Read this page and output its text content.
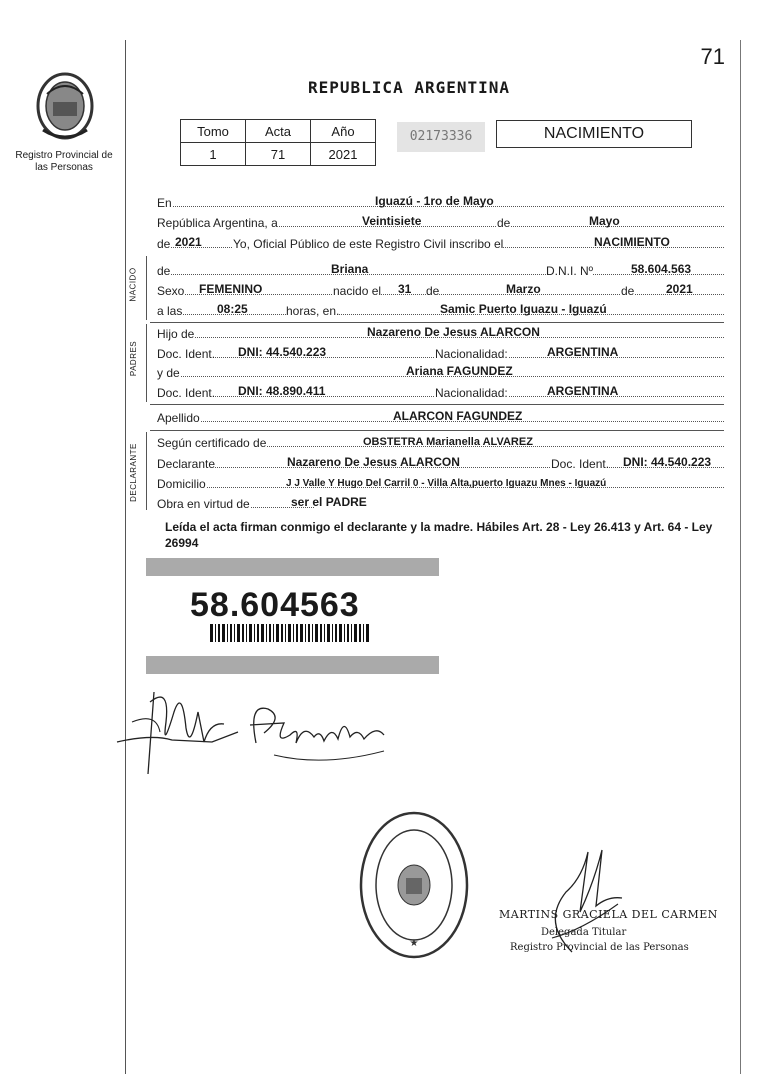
71
Registro Provincial de las Personas
REPUBLICA ARGENTINA
Tomo	Acta	Año
1	71	2021
02173336	NACIMIENTO
En	Iguazú - 1ro de Mayo
República Argentina, a	Veintisiete	de	Mayo
de 2021	Yo, Oficial Público de este Registro Civil inscribo el	NACIMIENTO
NACIDO de	Briana	D.N.I. Nº	58.604.563
Sexo FEMENINO	nacido el 31 de	Marzo	de	2021
a las	08:25	horas, en.	Samic Puerto Iguazu - Iguazú
PADRES
Hijo de	Nazareno De Jesus ALARCON
Doc. Ident. DNI: 44.540.223	Nacionalidad:	ARGENTINA
y de	Ariana FAGUNDEZ
Doc. Ident. DNI: 48.890.411	Nacionalidad:	ARGENTINA
Apellido	ALARCON FAGUNDEZ
DECLARANTE
Según certificado de	OBSTETRA Marianella ALVAREZ
Declarante	Nazareno De Jesus ALARCON	Doc. Ident. DNI: 44.540.223
Domicilio	J J Valle Y Hugo Del Carril 0 - Villa Alta,puerto Iguazu Mnes - Iguazú
Obra en virtud de	ser el PADRE
Leída el acta firman conmigo el declarante y la madre. Hábiles Art. 28 - Ley 26.413 y Art. 64 - Ley 26994
58.604563
★
MARTINS GRACIELA DEL CARMEN
Delegada Titular
Registro Provincial de las Personas
